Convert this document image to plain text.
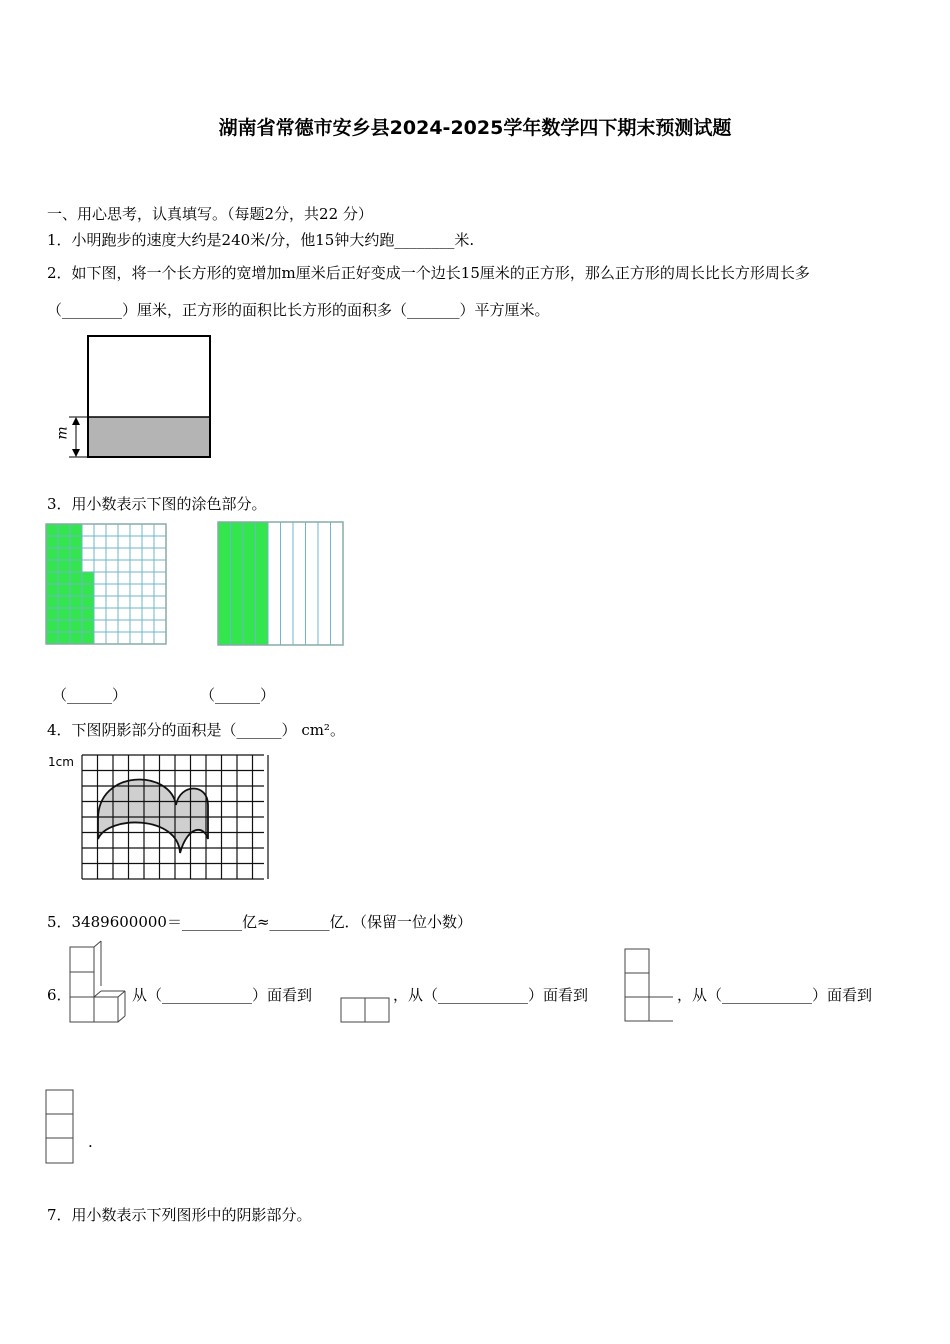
湖南省常德市安乡县2024-2025学年数学四下期末预测试题
一、用心思考，认真填写。（每题2分，共22 分）
1．小明跑步的速度大约是240米/分，他15钟大约跑________米.
2．如下图，将一个长方形的宽增加m厘米后正好变成一个边长15厘米的正方形，那么正方形的周长比长方形周长多
（________）厘米，正方形的面积比长方形的面积多（_______）平方厘米。
m
3．用小数表示下图的涂色部分。
（______）	（______）
4．下图阴影部分的面积是（______） cm²。
1cm
5．3489600000＝________亿≈________亿．（保留一位小数）
6．	从（____________）面看到	，从（____________）面看到	，从（____________）面看到
.
7．用小数表示下列图形中的阴影部分。
